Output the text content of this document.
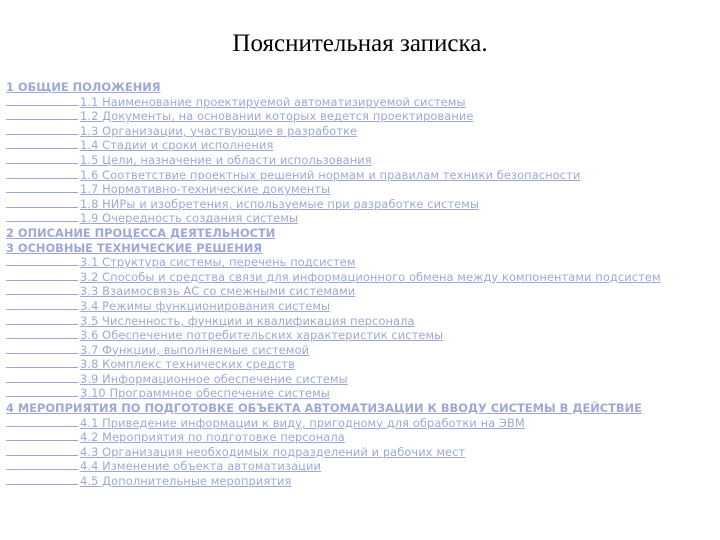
Пояснительная записка.
1 ОБЩИЕ ПОЛОЖЕНИЯ
1.1 Наименование проектируемой автоматизируемой системы
1.2 Документы, на основании которых ведется проектирование
1.3 Организации, участвующие в разработке
1.4 Стадии и сроки исполнения
1.5 Цели, назначение и области использования
1.6 Соответствие проектных решений нормам и правилам техники безопасности
1.7 Нормативно-технические документы
1.8 НИРы и изобретения, используемые при разработке системы
1.9 Очередность создания системы
2 ОПИСАНИЕ ПРОЦЕССА ДЕЯТЕЛЬНОСТИ
3 ОСНОВНЫЕ ТЕХНИЧЕСКИЕ РЕШЕНИЯ
3.1 Структура системы, перечень подсистем
3.2 Способы и средства связи для информационного обмена между компонентами подсистем
3.3 Взаимосвязь АС со смежными системами
3.4 Режимы функционирования системы
3.5 Численность, функции и квалификация персонала
3.6 Обеспечение потребительских характеристик системы
3.7 Функции, выполняемые системой
3.8 Комплекс технических средств
3.9 Информационное обеспечение системы
3.10 Программное обеспечение системы
4 МЕРОПРИЯТИЯ ПО ПОДГОТОВКЕ ОБЪЕКТА АВТОМАТИЗАЦИИ К ВВОДУ СИСТЕМЫ В ДЕЙСТВИЕ
4.1 Приведение информации к виду, пригодному для обработки на ЭВМ
4.2 Мероприятия по подготовке персонала
4.3 Организация необходимых подразделений и рабочих мест
4.4 Изменение объекта автоматизации
4.5 Дополнительные мероприятия
